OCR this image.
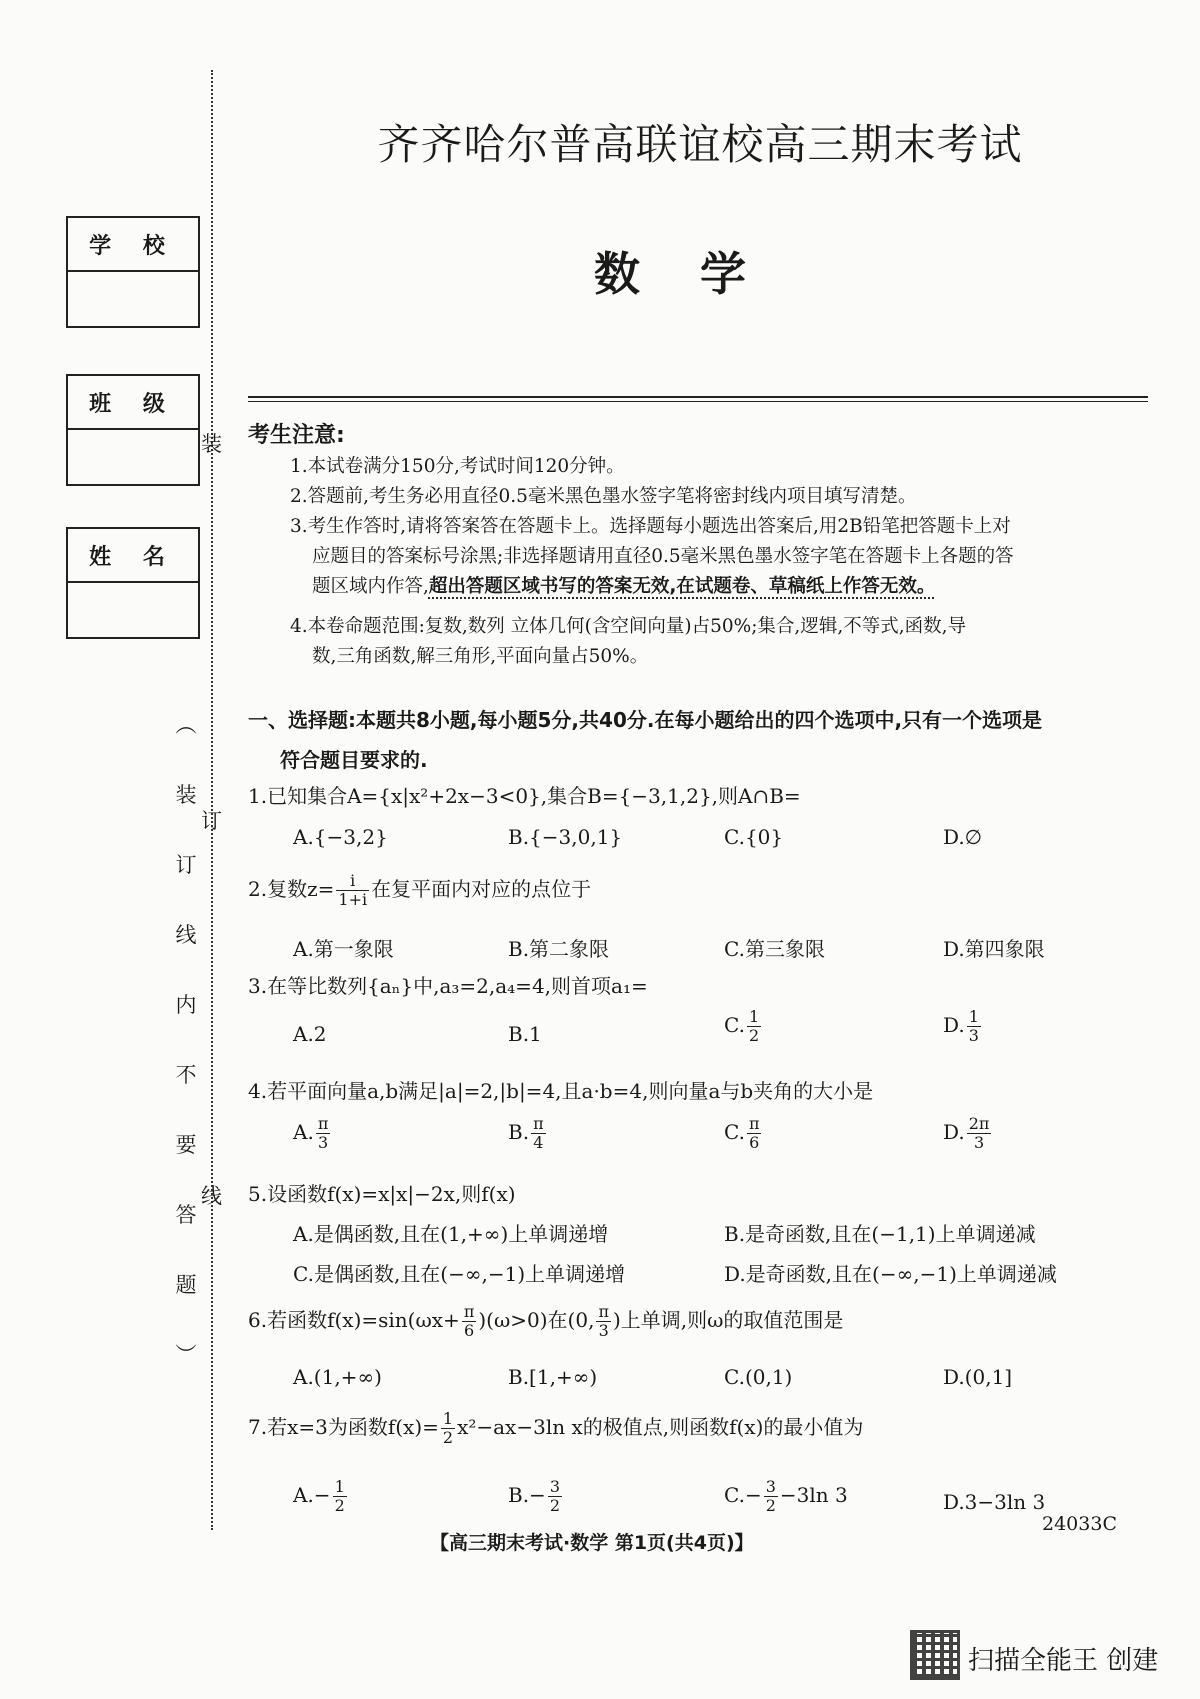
学 校
班 级
姓 名
装
订
线
︵
装
订
线
内
不
要
答
题
︶
齐齐哈尔普高联谊校高三期末考试
数学
考生注意:
1.本试卷满分150分,考试时间120分钟。
2.答题前,考生务必用直径0.5毫米黑色墨水签字笔将密封线内项目填写清楚。
3.考生作答时,请将答案答在答题卡上。选择题每小题选出答案后,用2B铅笔把答题卡上对
应题目的答案标号涂黑;非选择题请用直径0.5毫米黑色墨水签字笔在答题卡上各题的答
题区域内作答,超出答题区域书写的答案无效,在试题卷、草稿纸上作答无效。
4.本卷命题范围:复数,数列 立体几何(含空间向量)占50%;集合,逻辑,不等式,函数,导
数,三角函数,解三角形,平面向量占50%。
一、选择题:本题共8小题,每小题5分,共40分.在每小题给出的四个选项中,只有一个选项是
符合题目要求的.
1.已知集合A={x|x²+2x−3<0},集合B={−3,1,2},则A∩B=
A.{−3,2}	B.{−3,0,1}	C.{0}	D.∅
2.复数$z= \frac{i}{1+i}$ 在复平面内对应的点位于
A.第一象限	B.第二象限	C.第三象限	D.第四象限
3.在等比数列{aₙ}中,a₃=2,a₄=4,则首项a₁=
A.2	B.1	C. $\frac{1}{2}$	D. $\frac{1}{3}$
4.若平面向量a,b满足|a|=2,|b|=4,且a·b=4,则向量a与b夹角的大小是
A. $\frac{\pi}{3}$	B. $\frac{\pi}{4}$	C. $\frac{\pi}{6}$	D. $\frac{2\pi}{3}$
5.设函数f(x)=x|x|−2x,则f(x)
A.是偶函数,且在(1,+∞)上单调递增	B.是奇函数,且在(−1,1)上单调递减
C.是偶函数,且在(−∞,−1)上单调递增	D.是奇函数,且在(−∞,−1)上单调递减
6.若函数$f(x)=\sin(\omega x+ \frac{\pi}{6} )(\omega>0)$在(0, $\frac{\pi}{3}$ )上单调,则ω的取值范围是
A.(1,+∞)	B.[1,+∞)	C.(0,1)	D.(0,1]
7.若x=3为函数$f(x)= \frac{1}{2} x^2-ax-3\ln$ x的极值点,则函数f(x)的最小值为
$A.- \frac{1}{2}$	$B.- \frac{3}{2}$	$C.- \frac{3}{2} -3\ln$ 3	D.3−3ln 3
【高三期末考试·数学 第1页(共4页)】
24033C
扫描全能王 创建
